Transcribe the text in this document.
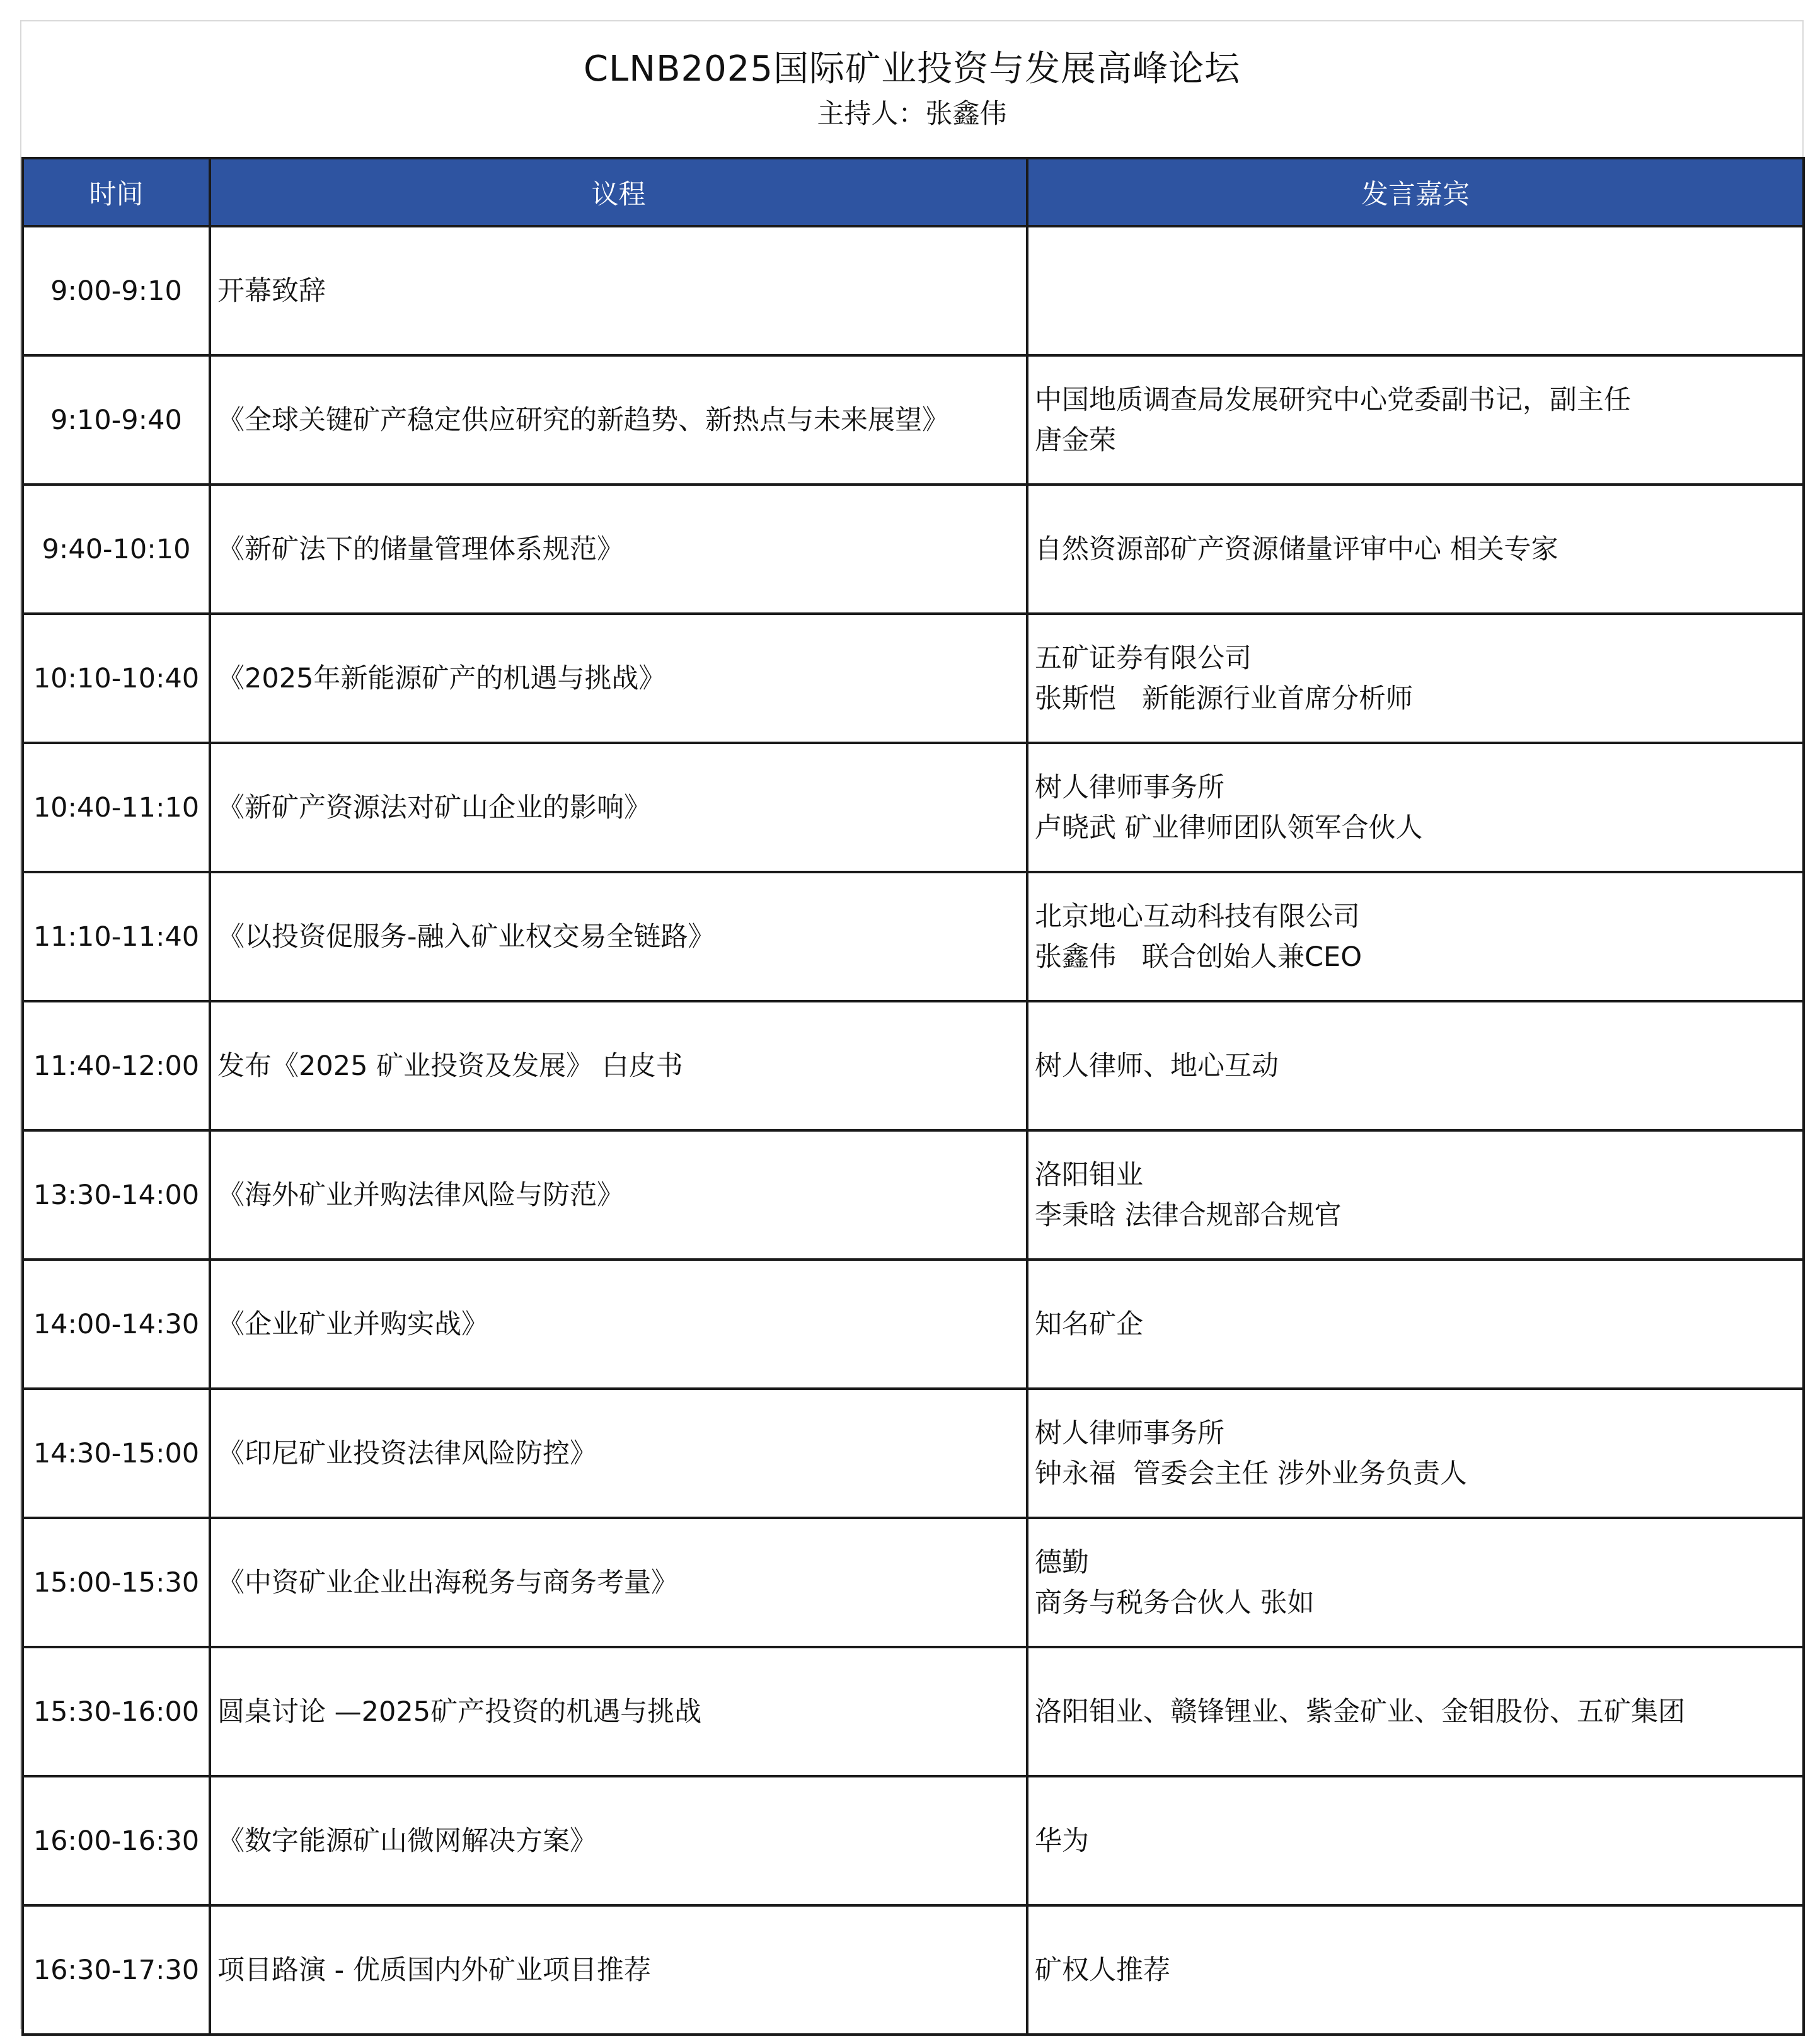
CLNB2025国际矿业投资与发展高峰论坛
主持人：张鑫伟
时间	议程	发言嘉宾
9:00-9:10	开幕致辞	
9:10-9:40	《全球关键矿产稳定供应研究的新趋势、新热点与未来展望》	中国地质调查局发展研究中心党委副书记，副主任
唐金荣

9:40-10:10	《新矿法下的储量管理体系规范》	自然资源部矿产资源储量评审中心 相关专家

10:10-10:40	《2025年新能源矿产的机遇与挑战》	五矿证券有限公司
张斯恺   新能源行业首席分析师

10:40-11:10	《新矿产资源法对矿山企业的影响》	树人律师事务所
卢晓武 矿业律师团队领军合伙人

11:10-11:40	《以投资促服务-融入矿业权交易全链路》	北京地心互动科技有限公司
张鑫伟   联合创始人兼CEO

11:40-12:00	发布《2025 矿业投资及发展》 白皮书	树人律师、地心互动

13:30-14:00	《海外矿业并购法律风险与防范》	洛阳钼业
李秉晗 法律合规部合规官

14:00-14:30	《企业矿业并购实战》	知名矿企

14:30-15:00	《印尼矿业投资法律风险防控》	树人律师事务所
钟永福  管委会主任 涉外业务负责人

15:00-15:30	《中资矿业企业出海税务与商务考量》	德勤
商务与税务合伙人 张如

15:30-16:00	圆桌讨论 —2025矿产投资的机遇与挑战	洛阳钼业、赣锋锂业、紫金矿业、金钼股份、五矿集团

16:00-16:30	《数字能源矿山微网解决方案》	华为

16:30-17:30	项目路演 - 优质国内外矿业项目推荐	矿权人推荐
